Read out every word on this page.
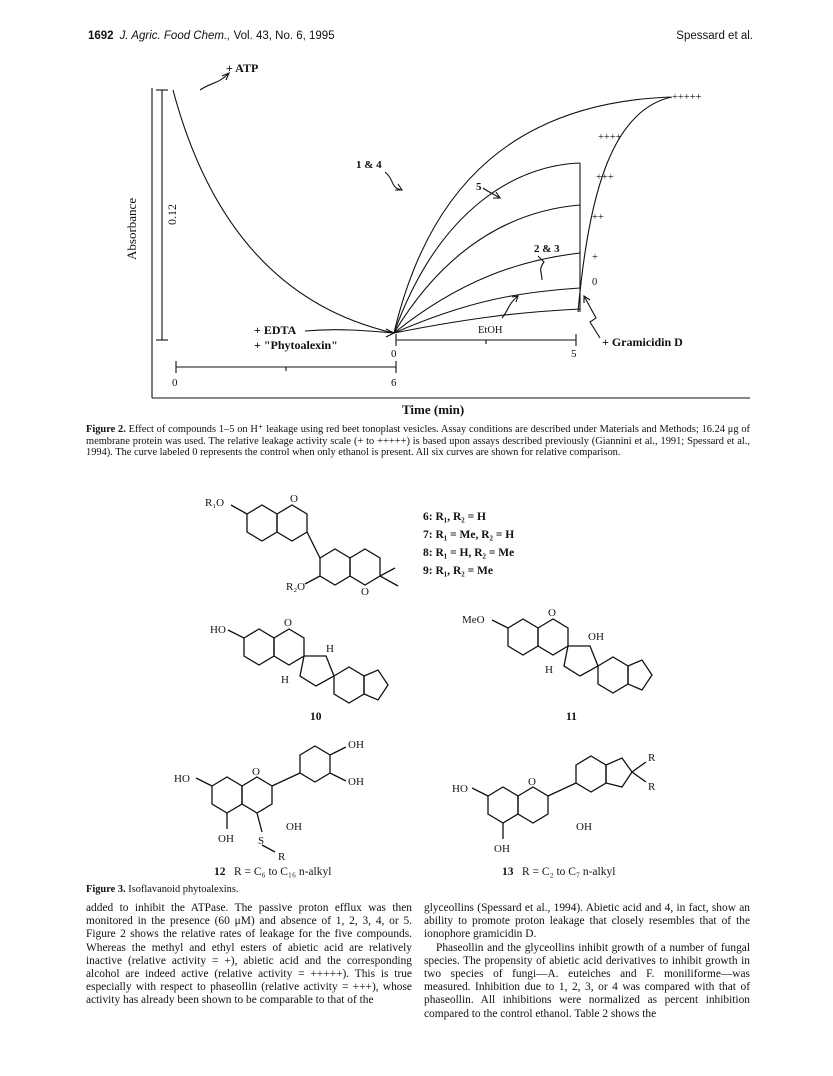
1692 J. Agric. Food Chem., Vol. 43, No. 6, 1995	Spessard et al.
+ ATP
Absorbance 0.12
1 & 4
5
2 & 3
+ EDTA
+ "Phytoalexin"
EtOH
+ Gramicidin D
+++++
++++
+++
++
+
0
0	5
0	6
Time (min)
Figure 2. Effect of compounds 1–5 on H⁺ leakage using red beet tonoplast vesicles. Assay conditions are described under Materials and Methods; 16.24 μg of membrane protein was used. The relative leakage activity scale (+ to +++++) is based upon assays described previously (Giannini et al., 1991; Spessard et al., 1994). The curve labeled 0 represents the control when only ethanol is present. All six curves are shown for relative comparison.
R₁O	O
R₂O	O
HO
O
H
H
MeO
O
OH
H
OH
OH
HO
O
OH
OH S
R
HO
O
OH
OH
R
R
6: R₁, R₂ = H
7: R₁ = Me, R₂ = H
8: R₁ = H, R₂ = Me
9: R₁, R₂ = Me
10	11
12 R = C₆ to C₁₆ n-alkyl	13 R = C₂ to C₇ n-alkyl
Figure 3. Isoflavanoid phytoalexins.

added to inhibit the ATPase. The passive proton efflux was then monitored in the presence (60 μM) and absence of 1, 2, 3, 4, or 5. Figure 2 shows the relative rates of leakage for the five compounds. Whereas the methyl and ethyl esters of abietic acid are relatively inactive (relative activity = +), abietic acid and the corresponding alcohol are indeed active (relative activity = +++++). This is true especially with respect to phaseollin (relative activity = +++), whose activity has already been shown to be comparable to that of the

glyceollins (Spessard et al., 1994). Abietic acid and 4, in fact, show an ability to promote proton leakage that closely resembles that of the ionophore gramicidin D.

Phaseollin and the glyceollins inhibit growth of a number of fungal species. The propensity of abietic acid derivatives to inhibit growth in two species of fungi—A. euteiches and F. moniliforme—was measured. Inhibition due to 1, 2, 3, or 4 was compared with that of phaseollin. All inhibitions were normalized as percent inhibition compared to the control ethanol. Table 2 shows the
